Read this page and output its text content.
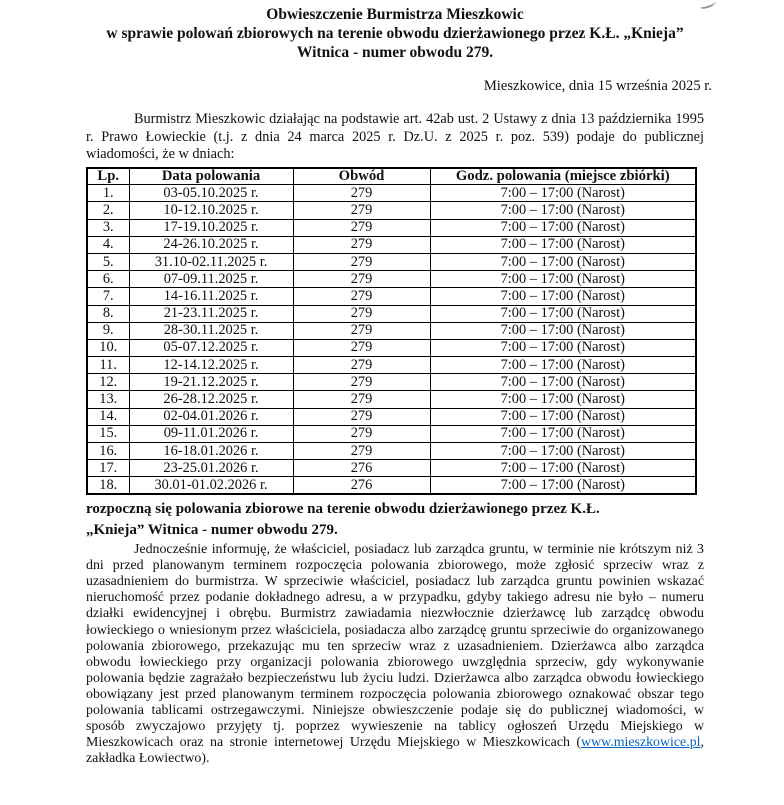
Obwieszczenie Burmistrza Mieszkowic
w sprawie polowań zbiorowych na terenie obwodu dzierżawionego przez K.Ł. „Knieja”
Witnica - numer obwodu 279.
Mieszkowice, dnia 15 września 2025 r.

Burmistrz Mieszkowic działając na podstawie art. 42ab ust. 2 Ustawy z dnia 13 października 1995 r. Prawo Łowieckie (t.j. z dnia 24 marca 2025 r. Dz.U. z 2025 r. poz. 539) podaje do publicznej wiadomości, że w dniach:

Lp.	Data polowania	Obwód	Godz. polowania (miejsce zbiórki)
1.	03-05.10.2025 r.	279	7:00 – 17:00 (Narost)
2.	10-12.10.2025 r.	279	7:00 – 17:00 (Narost)
3.	17-19.10.2025 r.	279	7:00 – 17:00 (Narost)
4.	24-26.10.2025 r.	279	7:00 – 17:00 (Narost)
5.	31.10-02.11.2025 r.	279	7:00 – 17:00 (Narost)
6.	07-09.11.2025 r.	279	7:00 – 17:00 (Narost)
7.	14-16.11.2025 r.	279	7:00 – 17:00 (Narost)
8.	21-23.11.2025 r.	279	7:00 – 17:00 (Narost)
9.	28-30.11.2025 r.	279	7:00 – 17:00 (Narost)
10.	05-07.12.2025 r.	279	7:00 – 17:00 (Narost)
11.	12-14.12.2025 r.	279	7:00 – 17:00 (Narost)
12.	19-21.12.2025 r.	279	7:00 – 17:00 (Narost)
13.	26-28.12.2025 r.	279	7:00 – 17:00 (Narost)
14.	02-04.01.2026 r.	279	7:00 – 17:00 (Narost)
15.	09-11.01.2026 r.	279	7:00 – 17:00 (Narost)
16.	16-18.01.2026 r.	279	7:00 – 17:00 (Narost)
17.	23-25.01.2026 r.	276	7:00 – 17:00 (Narost)
18.	30.01-01.02.2026 r.	276	7:00 – 17:00 (Narost)
rozpoczną się polowania zbiorowe na terenie obwodu dzierżawionego przez K.Ł.
„Knieja” Witnica - numer obwodu 279.

Jednocześnie informuję, że właściciel, posiadacz lub zarządca gruntu, w terminie nie krótszym niż 3 dni przed planowanym terminem rozpoczęcia polowania zbiorowego, może zgłosić sprzeciw wraz z uzasadnieniem do burmistrza. W sprzeciwie właściciel, posiadacz lub zarządca gruntu powinien wskazać nieruchomość przez podanie dokładnego adresu, a w przypadku, gdyby takiego adresu nie było – numeru działki ewidencyjnej i obrębu. Burmistrz zawiadamia niezwłocznie dzierżawcę lub zarządcę obwodu łowieckiego o wniesionym przez właściciela, posiadacza albo zarządcę gruntu sprzeciwie do organizowanego polowania zbiorowego, przekazując mu ten sprzeciw wraz z uzasadnieniem. Dzierżawca albo zarządca obwodu łowieckiego przy organizacji polowania zbiorowego uwzględnia sprzeciw, gdy wykonywanie polowania będzie zagrażało bezpieczeństwu lub życiu ludzi. Dzierżawca albo zarządca obwodu łowieckiego obowiązany jest przed planowanym terminem rozpoczęcia polowania zbiorowego oznakować obszar tego polowania tablicami ostrzegawczymi. Niniejsze obwieszczenie podaje się do publicznej wiadomości, w sposób zwyczajowo przyjęty tj. poprzez wywieszenie na tablicy ogłoszeń Urzędu Miejskiego w Mieszkowicach oraz na stronie internetowej Urzędu Miejskiego w Mieszkowicach (www.mieszkowice.pl, zakładka Łowiectwo).
